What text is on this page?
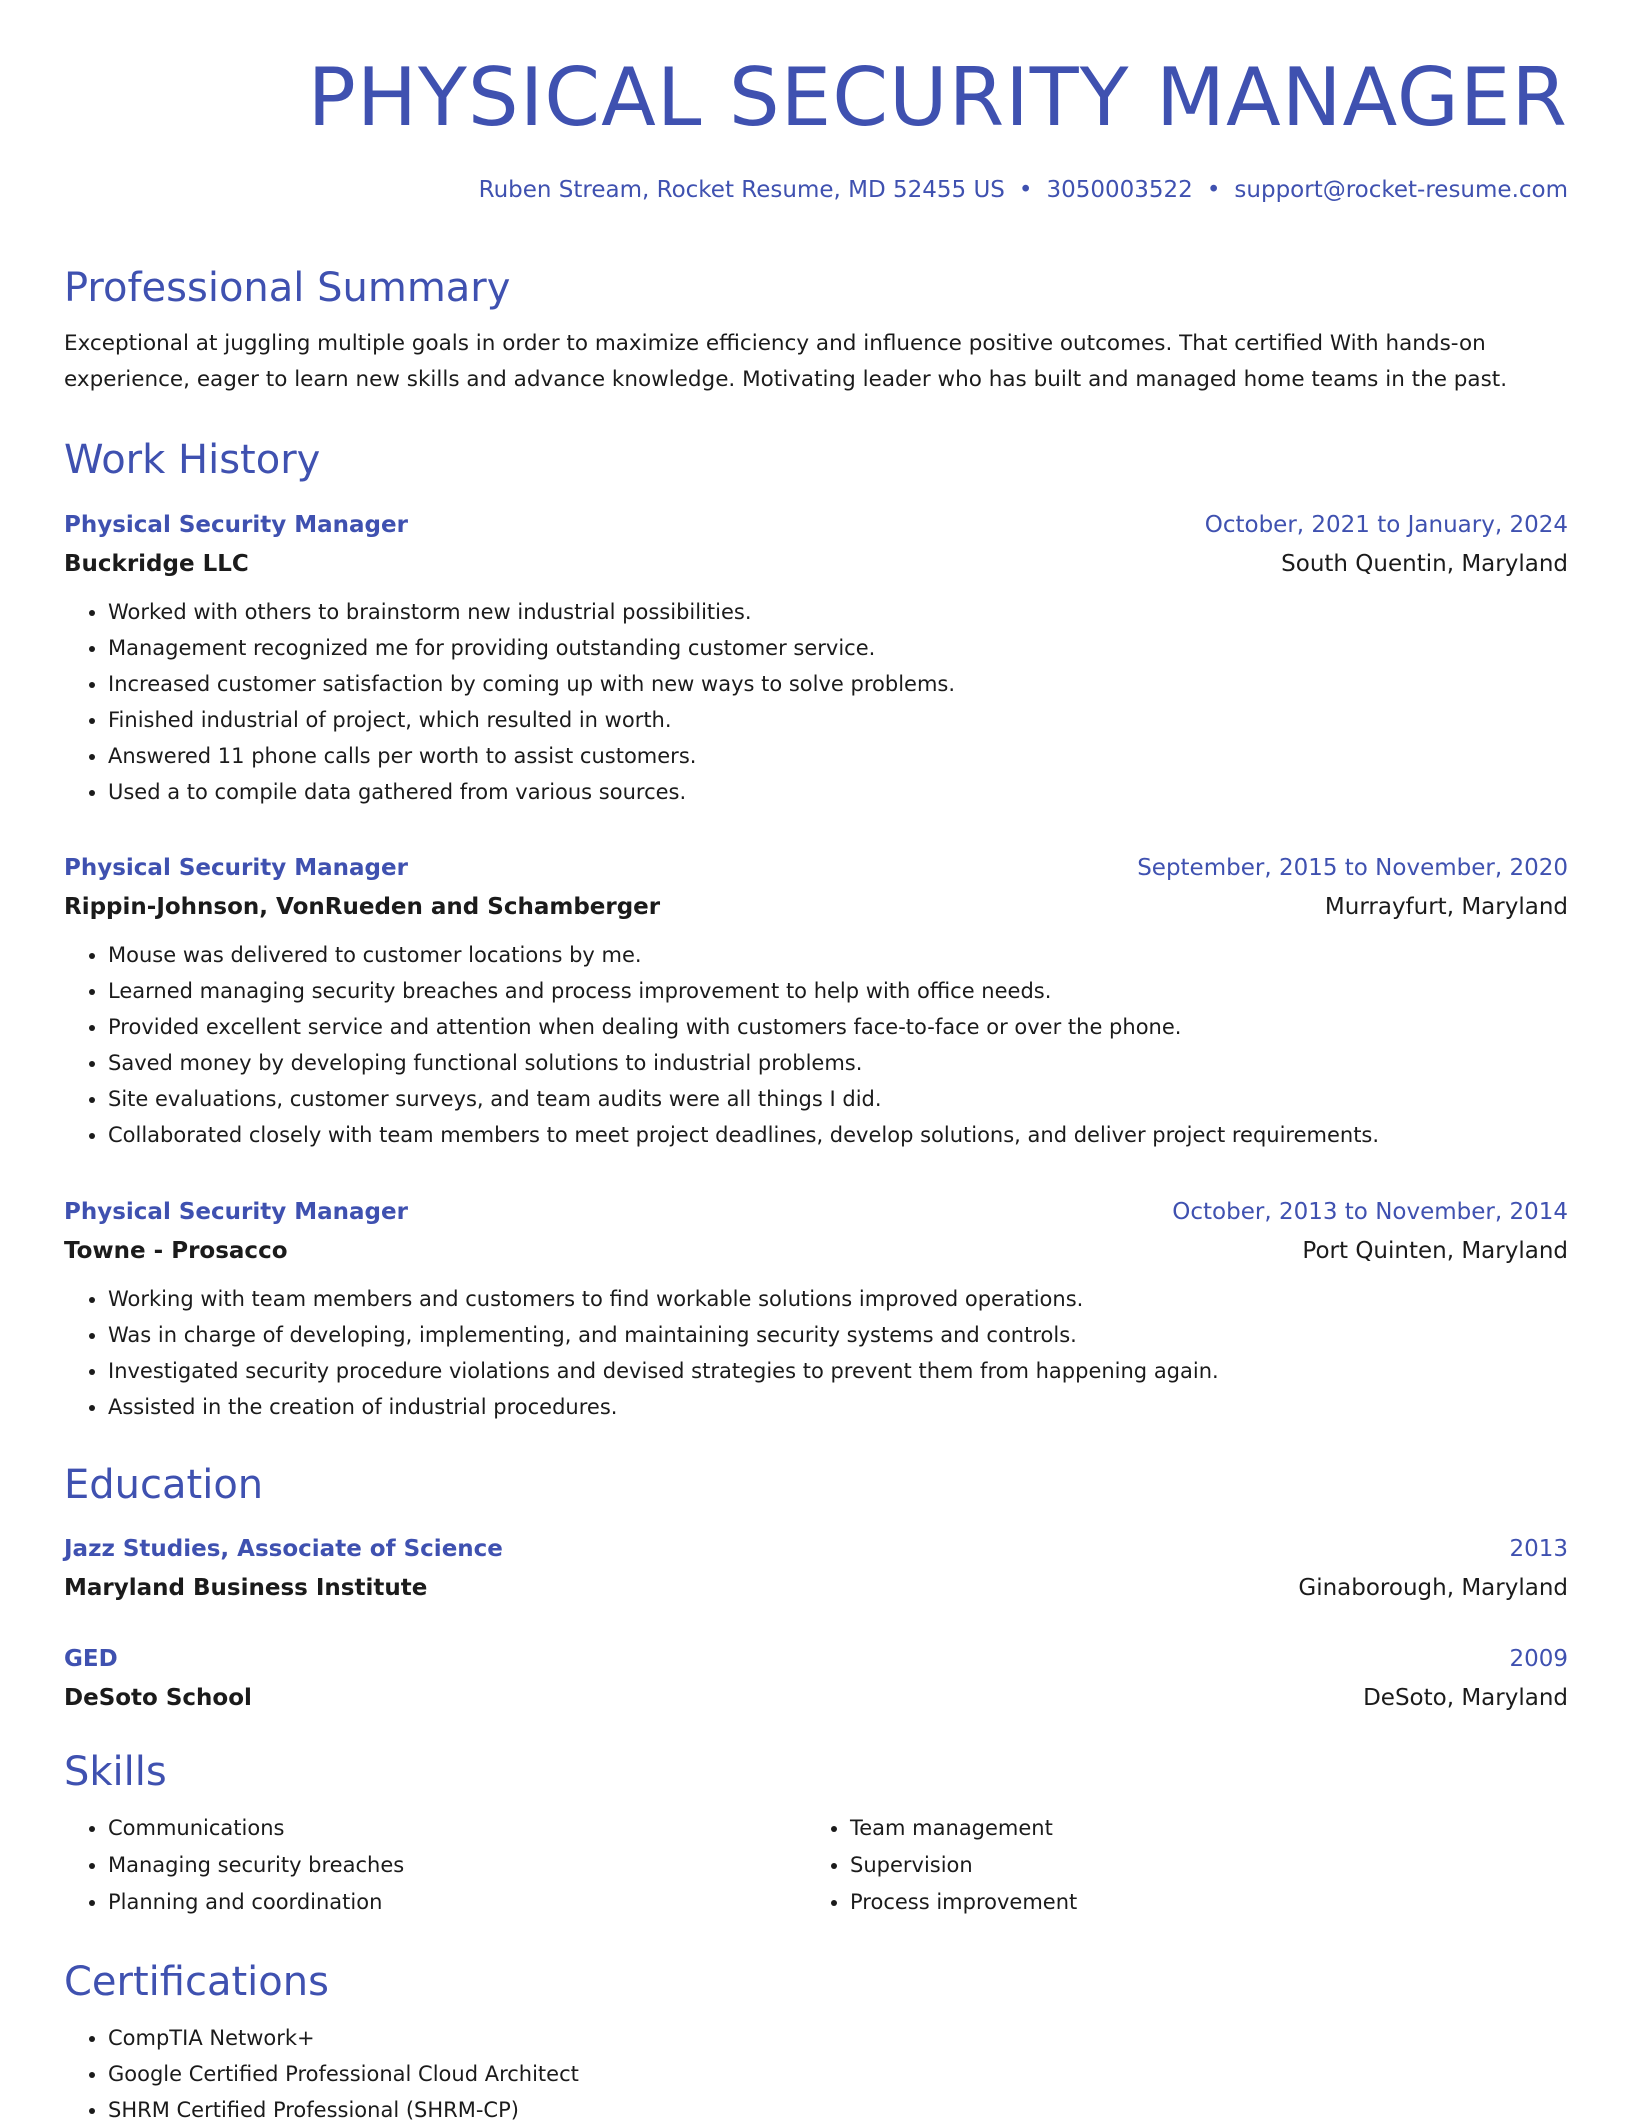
PHYSICAL SECURITY MANAGER
Ruben Stream, Rocket Resume, MD 52455 US • 3050003522 • support@rocket-resume.com
Professional Summary
Exceptional at juggling multiple goals in order to maximize efficiency and influence positive outcomes. That certified With hands-on experience, eager to learn new skills and advance knowledge. Motivating leader who has built and managed home teams in the past.
Work History
Physical Security Manager	October, 2021 to January, 2024
Buckridge LLC	South Quentin, Maryland
• Worked with others to brainstorm new industrial possibilities.
• Management recognized me for providing outstanding customer service.
• Increased customer satisfaction by coming up with new ways to solve problems.
• Finished industrial of project, which resulted in worth.
• Answered 11 phone calls per worth to assist customers.
• Used a to compile data gathered from various sources.
Physical Security Manager	September, 2015 to November, 2020
Rippin-Johnson, VonRueden and Schamberger	Murrayfurt, Maryland
• Mouse was delivered to customer locations by me.
• Learned managing security breaches and process improvement to help with office needs.
• Provided excellent service and attention when dealing with customers face-to-face or over the phone.
• Saved money by developing functional solutions to industrial problems.
• Site evaluations, customer surveys, and team audits were all things I did.
• Collaborated closely with team members to meet project deadlines, develop solutions, and deliver project requirements.
Physical Security Manager	October, 2013 to November, 2014
Towne - Prosacco	Port Quinten, Maryland
• Working with team members and customers to find workable solutions improved operations.
• Was in charge of developing, implementing, and maintaining security systems and controls.
• Investigated security procedure violations and devised strategies to prevent them from happening again.
• Assisted in the creation of industrial procedures.
Education
Jazz Studies, Associate of Science	2013
Maryland Business Institute	Ginaborough, Maryland
GED	2009
DeSoto School	DeSoto, Maryland
Skills
• Communications
• Managing security breaches
• Planning and coordination
• Team management
• Supervision
• Process improvement
Certifications
• CompTIA Network+
• Google Certified Professional Cloud Architect
• SHRM Certified Professional (SHRM-CP)
